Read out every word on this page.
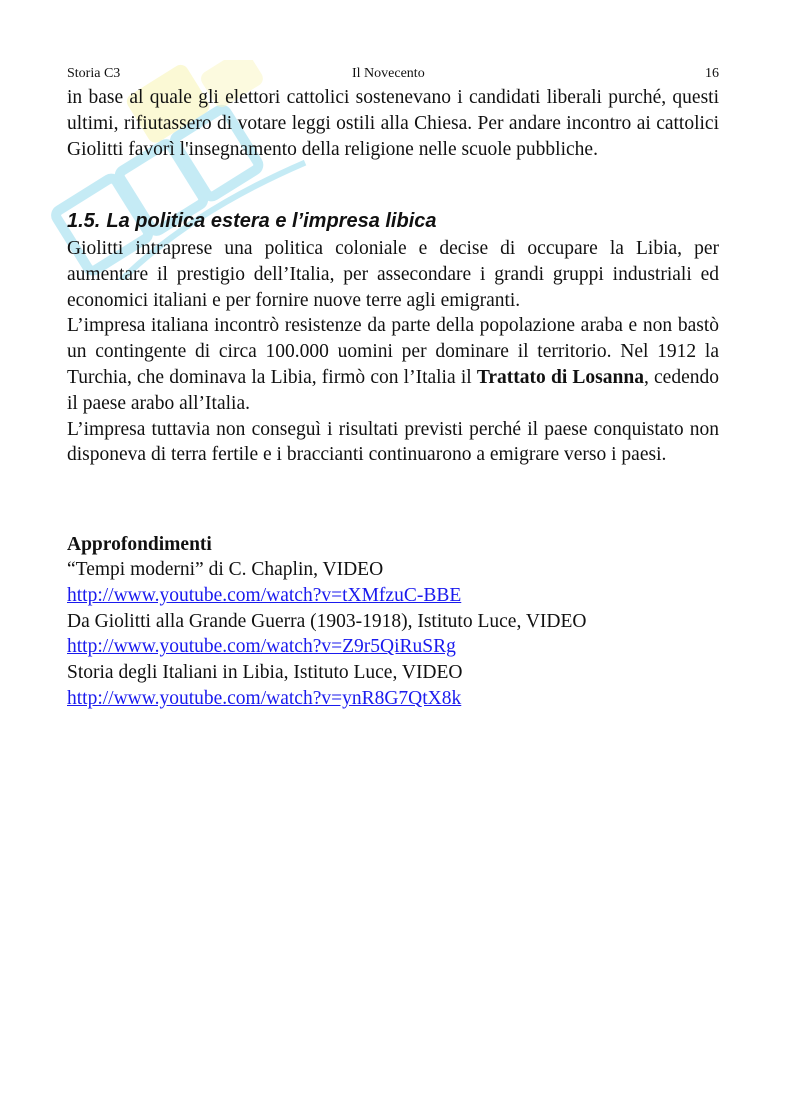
Storia C3	Il Novecento	16
in base al quale gli elettori cattolici sostenevano i candidati liberali purché, questi ultimi, rifiutassero di votare leggi ostili alla Chiesa. Per andare incontro ai cattolici Giolitti favorì l'insegnamento della religione nelle scuole pubbliche.
1.5. La politica estera e l’impresa libica

Giolitti intraprese una politica coloniale e decise di occupare la Libia, per aumentare il prestigio dell’Italia, per assecondare i grandi gruppi industriali ed economici italiani e per fornire nuove terre agli emigranti.

L’impresa italiana incontrò resistenze da parte della popolazione araba e non bastò un contingente di circa 100.000 uomini per dominare il territorio. Nel 1912 la Turchia, che dominava la Libia, firmò con l’Italia il Trattato di Losanna, cedendo il paese arabo all’Italia.

L’impresa tuttavia non conseguì i risultati previsti perché il paese conquistato non disponeva di terra fertile e i braccianti continuarono a emigrare verso i paesi.

Approfondimenti
“Tempi moderni” di C. Chaplin, VIDEO
http://www.youtube.com/watch?v=tXMfzuC-BBE
Da Giolitti alla Grande Guerra (1903-1918), Istituto Luce, VIDEO
http://www.youtube.com/watch?v=Z9r5QiRuSRg
Storia degli Italiani in Libia, Istituto Luce, VIDEO
http://www.youtube.com/watch?v=ynR8G7QtX8k
